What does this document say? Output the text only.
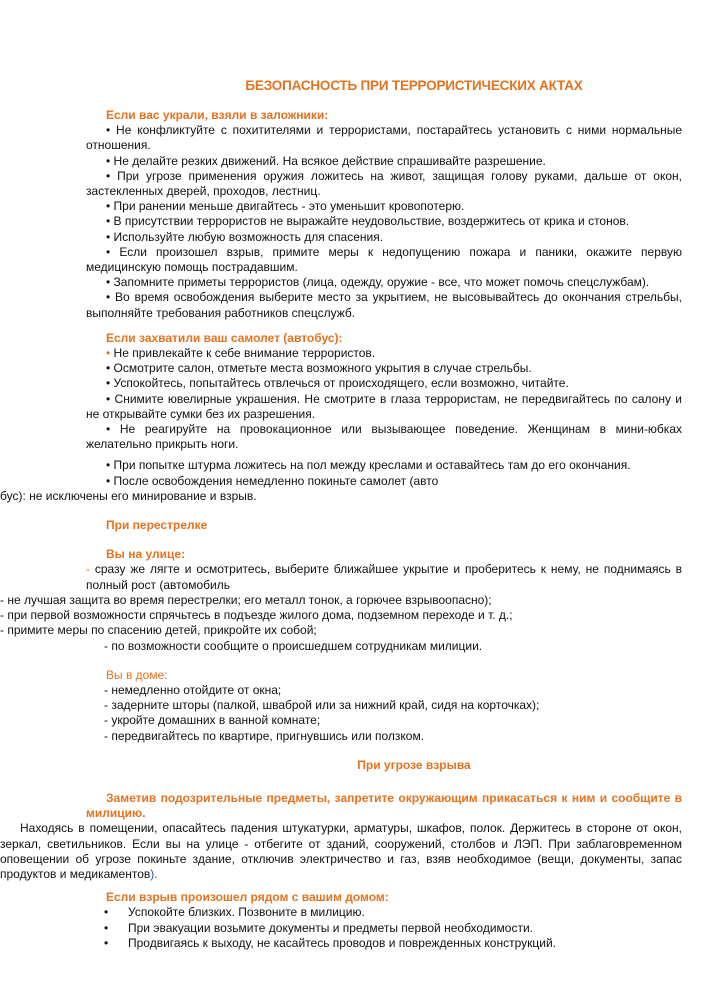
БЕЗОПАСНОСТЬ ПРИ ТЕРРОРИСТИЧЕСКИХ АКТАХ

Если вас украли, взяли в заложники:

• Не конфликтуйте с похитителями и террористами, постарайтесь установить с ними нормальные отношения.

• Не делайте резких движений. На всякое действие спрашивайте разрешение.

• При угрозе применения оружия ложитесь на живот, защищая голову руками, дальше от окон, застекленных дверей, проходов, лестниц.

• При ранении меньше двигайтесь - это уменьшит кровопотерю.

• В присутствии террористов не выражайте неудовольствие, воздержитесь от крика и стонов.

• Используйте любую возможность для спасения.

• Если произошел взрыв, примите меры к недопущению пожара и паники, окажите первую медицинскую помощь пострадавшим.

• Запомните приметы террористов (лица, одежду, оружие - все, что может помочь спецслужбам).

• Во время освобождения выберите место за укрытием, не высовывайтесь до окончания стрельбы, выполняйте требования работников спецслужб.

Если захватили ваш самолет (автобус):

• Не привлекайте к себе внимание террористов.

• Осмотрите салон, отметьте места возможного укрытия в случае стрельбы.

• Успокойтесь, попытайтесь отвлечься от происходящего, если возможно, читайте.

• Снимите ювелирные украшения. Не смотрите в глаза террористам, не передвигайтесь по салону и не открывайте сумки без их разрешения.

• Не реагируйте на провокационное или вызывающее поведение. Женщинам в мини-юбках желательно прикрыть ноги.

• При попытке штурма ложитесь на пол между креслами и оставайтесь там до его окончания.

• После освобождения немедленно покиньте самолет (авто

бус): не исключены его минирование и взрыв.

При перестрелке

Вы на улице:

- сразу же лягте и осмотритесь, выберите ближайшее укрытие и проберитесь к нему, не поднимаясь в полный рост (автомобиль

- не лучшая защита во время перестрелки; его металл тонок, а горючее взрывоопасно);

- при первой возможности спрячьтесь в подъезде жилого дома, подземном переходе и т. д.;

- примите меры по спасению детей, прикройте их собой;

- по возможности сообщите о происшедшем сотрудникам милиции.

Вы в доме:

- немедленно отойдите от окна;

- задерните шторы (палкой, шваброй или за нижний край, сидя на корточках);

- укройте домашних в ванной комнате;

- передвигайтесь по квартире, пригнувшись или ползком.

При угрозе взрыва

Заметив подозрительные предметы, запретите окружающим прикасаться к ним и сообщите в милицию.

Находясь в помещении, опасайтесь падения штукатурки, арматуры, шкафов, полок. Держитесь в стороне от окон, зеркал, светильников. Если вы на улице - отбегите от зданий, сооружений, столбов и ЛЭП. При заблаговременном оповещении об угрозе покиньте здание, отключив электричество и газ, взяв необходимое (вещи, документы, запас продуктов и медикаментов).

Если взрыв произошел рядом с вашим домом:

• Успокойте близких. Позвоните в милицию.
• При эвакуации возьмите документы и предметы первой необходимости.
• Продвигаясь к выходу, не касайтесь проводов и поврежденных конструкций.
